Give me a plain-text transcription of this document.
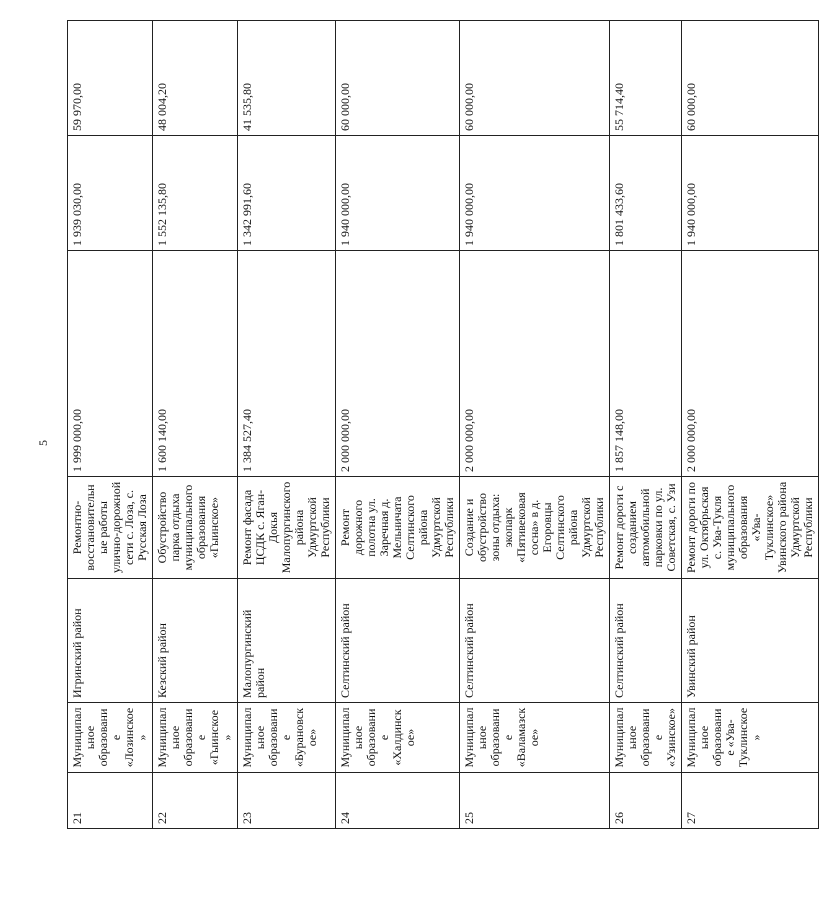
5
21	Муниципальное образование «Лозинское»	Игринский район	Ремонтно-восстановительные работы улично-дорожной сети с. Лоза, с. Русская Лоза	1 999 000,00	1 939 030,00	59 970,00
22	Муниципальное образование «Гыинское»	Кезский район	Обустройство парка отдыха муниципального образования «Гыинское»	1 600 140,00	1 552 135,80	48 004,20
23	Муниципальное образование «Бурановское»	Малопургинский район	Ремонт фасада ЦСДК с. Яган-Докья Малопургинского района Удмуртской Республики	1 384 527,40	1 342 991,60	41 535,80
24	Муниципальное образование «Халдинское»	Селтинский район	Ремонт дорожного полотна ул. Заречная д. Мельничата Селтинского района Удмуртской Республики	2 000 000,00	1 940 000,00	60 000,00
25	Муниципальное образование «Валамазское»	Селтинский район	Создание и обустройство зоны отдыха: экопарк «Пятивековая сосна» в д. Егоровцы Селтинского района Удмуртской Республики	2 000 000,00	1 940 000,00	60 000,00
26	Муниципальное образование «Узинское»	Селтинский район	Ремонт дороги с созданием автомобильной парковки по ул. Советская, с. Узи	1 857 148,00	1 801 433,60	55 714,40
27	Муниципальное образование «Ува-Туклинское»	Увинский район	Ремонт дороги по ул. Октябрьская с. Ува-Тукля муниципального образования «Ува-Туклинское» Увинского района Удмуртской Республики	2 000 000,00	1 940 000,00	60 000,00
